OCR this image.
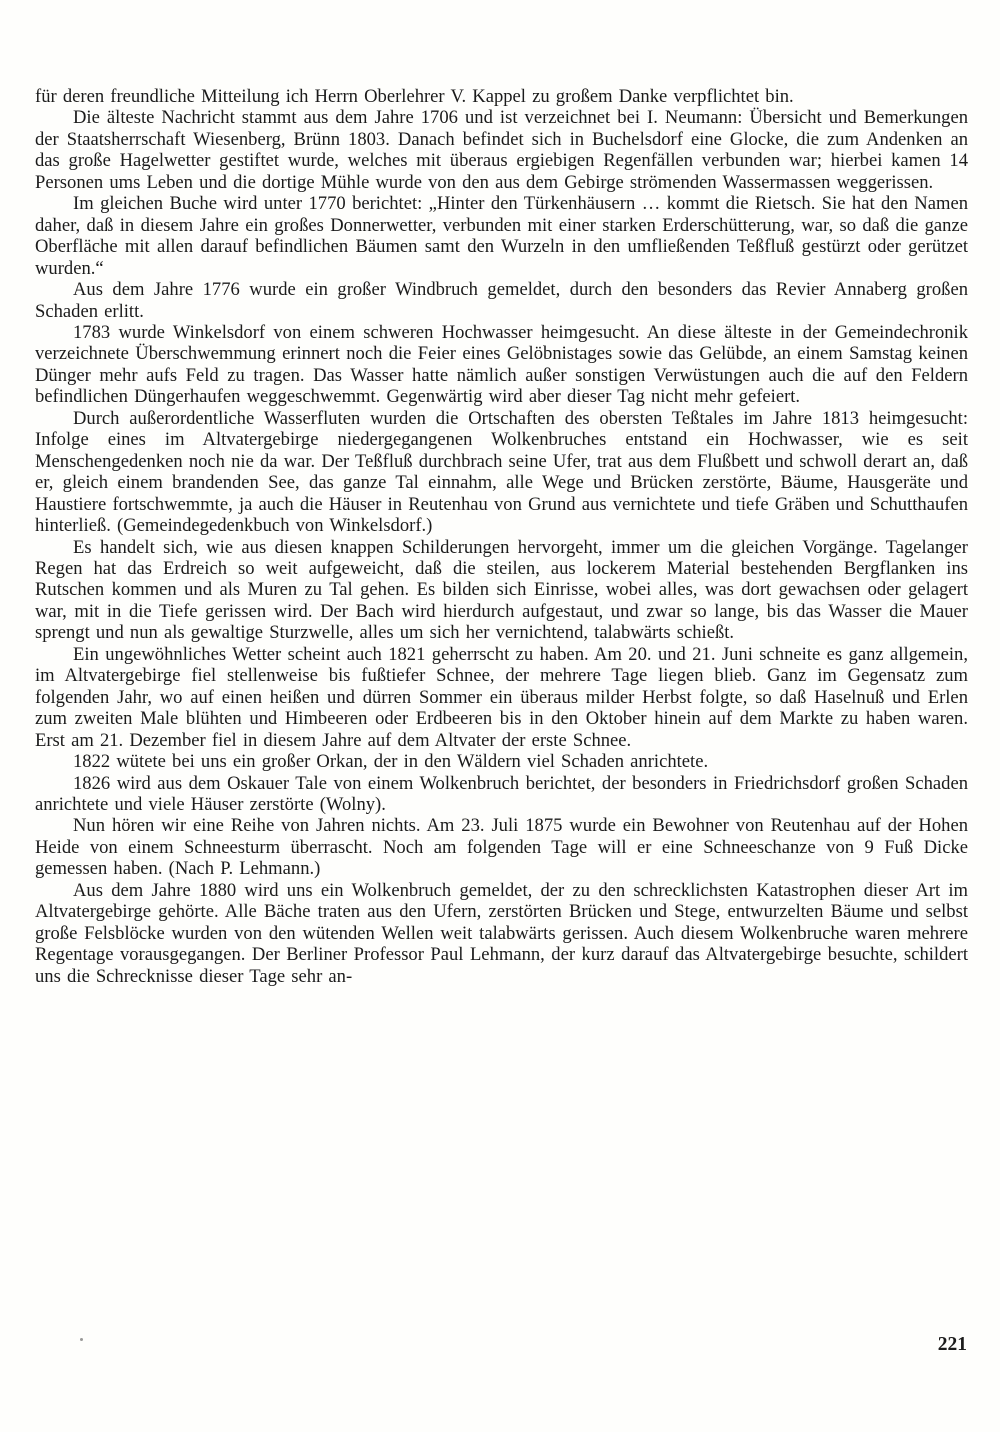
für deren freundliche Mitteilung ich Herrn Oberlehrer V. Kappel zu großem Danke verpflichtet bin.

Die älteste Nachricht stammt aus dem Jahre 1706 und ist verzeichnet bei I. Neumann: Übersicht und Bemerkungen der Staatsherrschaft Wiesenberg, Brünn 1803. Danach befindet sich in Buchelsdorf eine Glocke, die zum Andenken an das große Hagelwetter gestiftet wurde, welches mit überaus ergiebigen Regenfällen verbunden war; hierbei kamen 14 Personen ums Leben und die dortige Mühle wurde von den aus dem Gebirge strömenden Wassermassen weggerissen.

Im gleichen Buche wird unter 1770 berichtet: „Hinter den Türkenhäusern … kommt die Rietsch. Sie hat den Namen daher, daß in diesem Jahre ein großes Donnerwetter, verbunden mit einer starken Erderschütterung, war, so daß die ganze Oberfläche mit allen darauf befindlichen Bäumen samt den Wurzeln in den umfließenden Teßfluß gestürzt oder gerützet wurden.“

Aus dem Jahre 1776 wurde ein großer Windbruch gemeldet, durch den besonders das Revier Annaberg großen Schaden erlitt.

1783 wurde Winkelsdorf von einem schweren Hochwasser heimgesucht. An diese älteste in der Gemeindechronik verzeichnete Überschwemmung erinnert noch die Feier eines Gelöbnistages sowie das Gelübde, an einem Samstag keinen Dünger mehr aufs Feld zu tragen. Das Wasser hatte nämlich außer sonstigen Verwüstungen auch die auf den Feldern befindlichen Düngerhaufen weggeschwemmt. Gegenwärtig wird aber dieser Tag nicht mehr gefeiert.

Durch außerordentliche Wasserfluten wurden die Ortschaften des obersten Teßtales im Jahre 1813 heimgesucht: Infolge eines im Altvatergebirge niedergegangenen Wolkenbruches entstand ein Hochwasser, wie es seit Menschengedenken noch nie da war. Der Teßfluß durchbrach seine Ufer, trat aus dem Flußbett und schwoll derart an, daß er, gleich einem brandenden See, das ganze Tal einnahm, alle Wege und Brücken zerstörte, Bäume, Hausgeräte und Haustiere fortschwemmte, ja auch die Häuser in Reutenhau von Grund aus vernichtete und tiefe Gräben und Schutthaufen hinterließ. (Gemeindegedenkbuch von Winkelsdorf.)

Es handelt sich, wie aus diesen knappen Schilderungen hervorgeht, immer um die gleichen Vorgänge. Tagelanger Regen hat das Erdreich so weit aufgeweicht, daß die steilen, aus lockerem Material bestehenden Bergflanken ins Rutschen kommen und als Muren zu Tal gehen. Es bilden sich Einrisse, wobei alles, was dort gewachsen oder gelagert war, mit in die Tiefe gerissen wird. Der Bach wird hierdurch aufgestaut, und zwar so lange, bis das Wasser die Mauer sprengt und nun als gewaltige Sturzwelle, alles um sich her vernichtend, talabwärts schießt.

Ein ungewöhnliches Wetter scheint auch 1821 geherrscht zu haben. Am 20. und 21. Juni schneite es ganz allgemein, im Altvatergebirge fiel stellenweise bis fußtiefer Schnee, der mehrere Tage liegen blieb. Ganz im Gegensatz zum folgenden Jahr, wo auf einen heißen und dürren Sommer ein überaus milder Herbst folgte, so daß Haselnuß und Erlen zum zweiten Male blühten und Himbeeren oder Erdbeeren bis in den Oktober hinein auf dem Markte zu haben waren. Erst am 21. Dezember fiel in diesem Jahre auf dem Altvater der erste Schnee.

1822 wütete bei uns ein großer Orkan, der in den Wäldern viel Schaden anrichtete.

1826 wird aus dem Oskauer Tale von einem Wolkenbruch berichtet, der besonders in Friedrichsdorf großen Schaden anrichtete und viele Häuser zerstörte (Wolny).

Nun hören wir eine Reihe von Jahren nichts. Am 23. Juli 1875 wurde ein Bewohner von Reutenhau auf der Hohen Heide von einem Schneesturm überrascht. Noch am folgenden Tage will er eine Schneeschanze von 9 Fuß Dicke gemessen haben. (Nach P. Lehmann.)

Aus dem Jahre 1880 wird uns ein Wolkenbruch gemeldet, der zu den schrecklichsten Katastrophen dieser Art im Altvatergebirge gehörte. Alle Bäche traten aus den Ufern, zerstörten Brücken und Stege, entwurzelten Bäume und selbst große Felsblöcke wurden von den wütenden Wellen weit talabwärts gerissen. Auch diesem Wolkenbruche waren mehrere Regentage vorausgegangen. Der Berliner Professor Paul Lehmann, der kurz darauf das Altvatergebirge besuchte, schildert uns die Schrecknisse dieser Tage sehr an-

221
